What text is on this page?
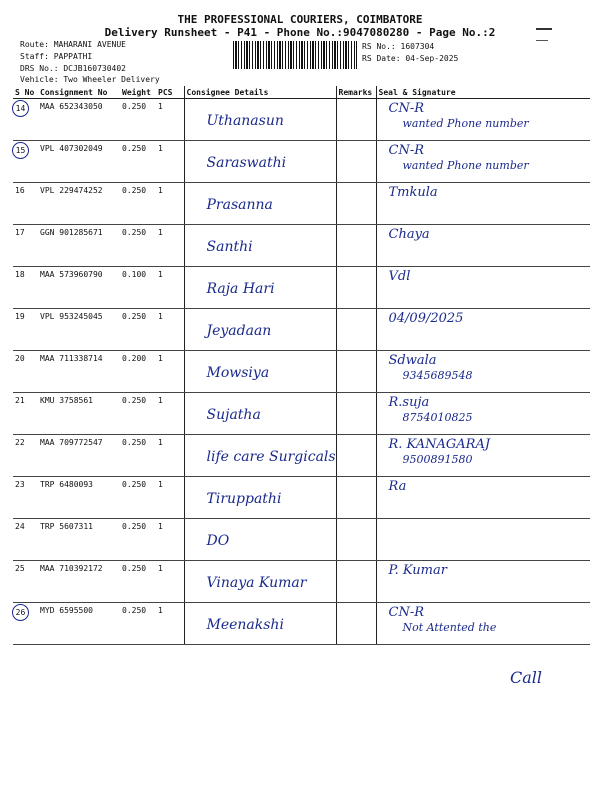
THE PROFESSIONAL COURIERS, COIMBATORE
Delivery Runsheet - P41 - Phone No.:9047080280 - Page No.:2
Route: MAHARANI AVENUE
Staff: PAPPATHI
DRS No.: DCJB160730402
Vehicle: Two Wheeler Delivery
RS No.: 1607304
RS Date: 04-Sep-2025
S No	Consignment No	Weight	PCS	Consignee Details	Remarks	Seal & Signature
14	MAA 652343050	0.250	1	Uthanasun		CN-R
wanted Phone number

15	VPL 407302049	0.250	1	Saraswathi		CN-R
wanted Phone number

16	VPL 229474252	0.250	1	Prasanna		Tmkula

17	GGN 901285671	0.250	1	Santhi		Chaya

18	MAA 573960790	0.100	1	Raja Hari		Vdl

19	VPL 953245045	0.250	1	Jeyadaan		04/09/2025

20	MAA 711338714	0.200	1	Mowsiya		Sdwala
9345689548

21	KMU 3758561	0.250	1	Sujatha		R.suja
8754010825

22	MAA 709772547	0.250	1	life care Surgicals		R. KANAGARAJ
9500891580

23	TRP 6480093	0.250	1	Tiruppathi		Ra

24	TRP 5607311	0.250	1	DO		

25	MAA 710392172	0.250	1	Vinaya Kumar		P. Kumar

26	MYD 6595500	0.250	1	Meenakshi		CN-R
Not Attented the
Call
